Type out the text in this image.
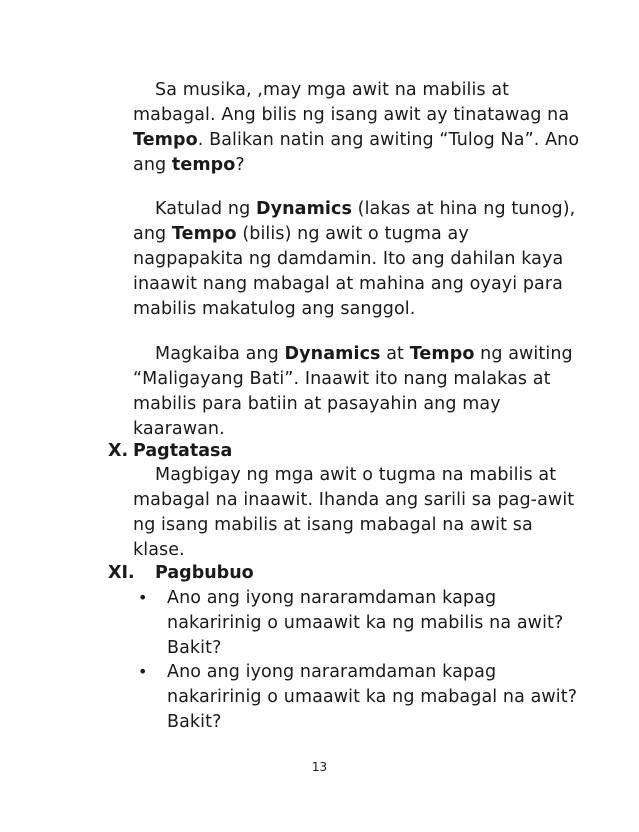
Sa musika, ,may mga awit na mabilis at
mabagal. Ang bilis ng isang awit ay tinatawag na
Tempo. Balikan natin ang awiting “Tulog Na”. Ano
ang tempo?
Katulad ng Dynamics (lakas at hina ng tunog),
ang Tempo (bilis) ng awit o tugma ay
nagpapakita ng damdamin. Ito ang dahilan kaya
inaawit nang mabagal at mahina ang oyayi para
mabilis makatulog ang sanggol.
Magkaiba ang Dynamics at Tempo ng awiting
“Maligayang Bati”. Inaawit ito nang malakas at
mabilis para batiin at pasayahin ang may
kaarawan.
X. Pagtatasa
Magbigay ng mga awit o tugma na mabilis at
mabagal na inaawit. Ihanda ang sarili sa pag-awit
ng isang mabilis at isang mabagal na awit sa
klase.
XI. Pagbubuo
• Ano ang iyong nararamdaman kapag
nakaririnig o umaawit ka ng mabilis na awit?
Bakit?
• Ano ang iyong nararamdaman kapag
nakaririnig o umaawit ka ng mabagal na awit?
Bakit?
13
